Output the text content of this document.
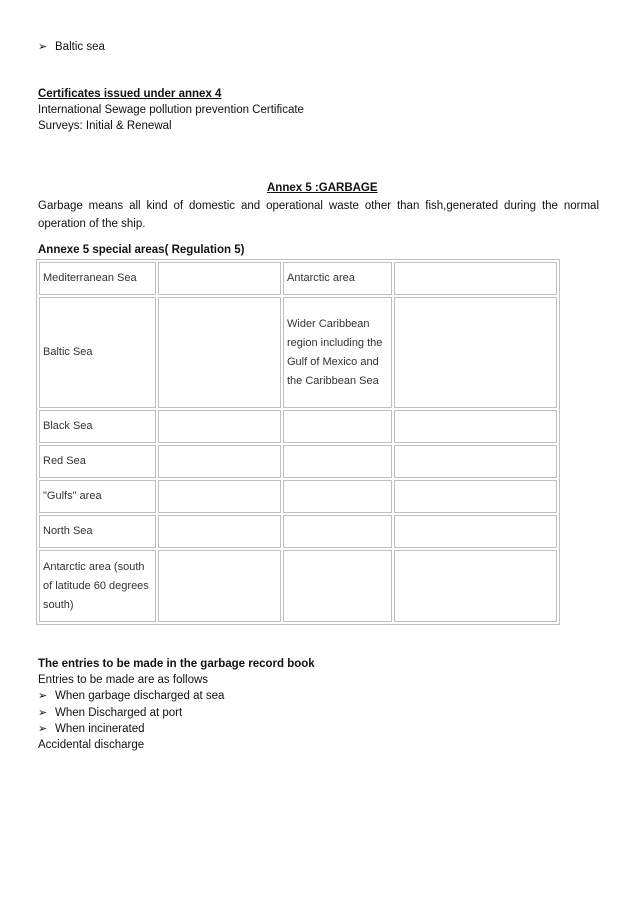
➢ Baltic sea
Certificates issued under annex 4
International Sewage pollution prevention Certificate
Surveys: Initial & Renewal
Annex 5 :GARBAGE
Garbage means all kind of domestic and operational waste other than fish,generated during the normal operation of the ship.
Annexe 5 special areas( Regulation 5)
Mediterranean Sea		Antarctic area	
Baltic Sea		Wider Caribbean region including the Gulf of Mexico and the Caribbean Sea	
Black Sea			
Red Sea			
"Gulfs" area			
North Sea			
Antarctic area (south of latitude 60 degrees south)			
The entries to be made in the garbage record book
Entries to be made are as follows
➢ When garbage discharged at sea
➢ When Discharged at port
➢ When incinerated
Accidental discharge
